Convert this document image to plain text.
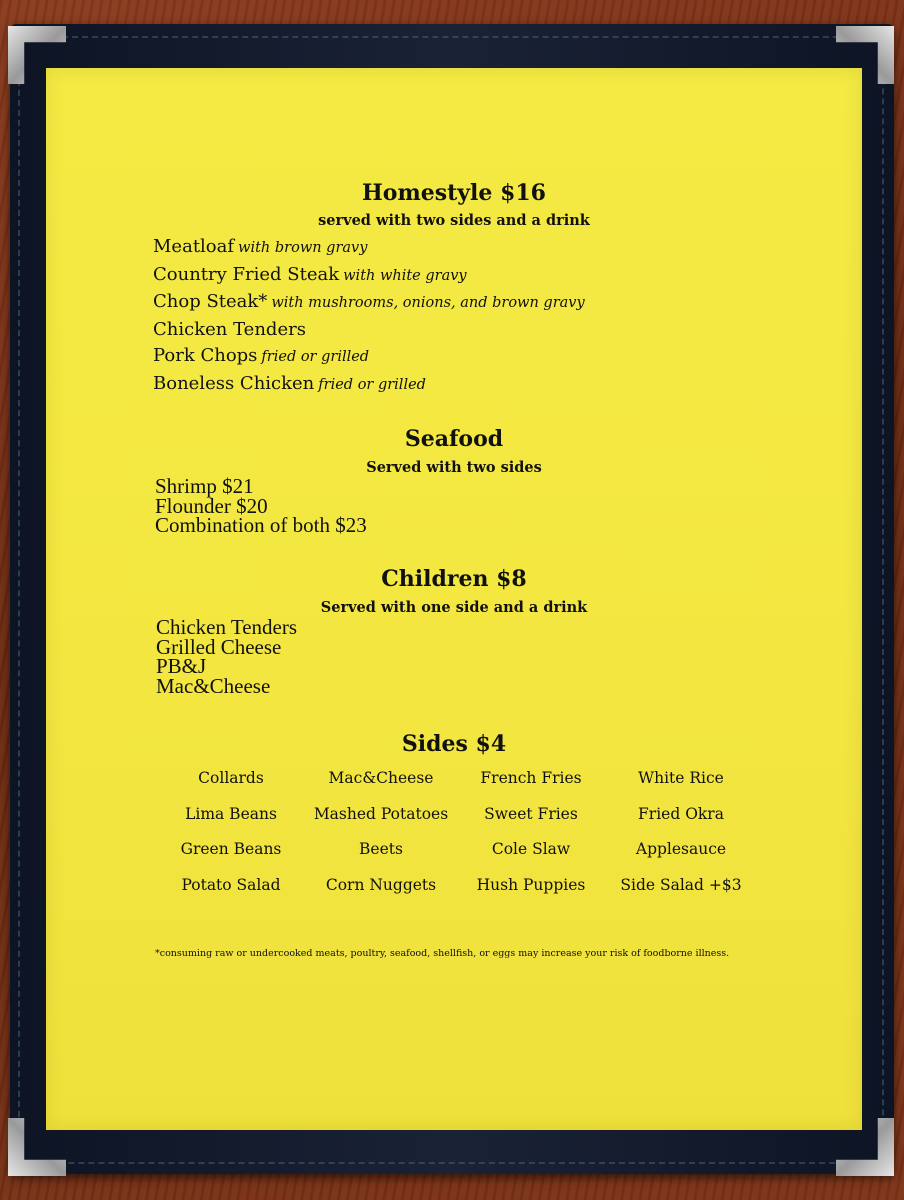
Homestyle $16

served with two sides and a drink

Meatloaf with brown gravy
Country Fried Steak with white gravy
Chop Steak* with mushrooms, onions, and brown gravy
Chicken Tenders
Pork Chops fried or grilled
Boneless Chicken fried or grilled
Seafood

Served with two sides

Shrimp $21
Flounder $20
Combination of both $23
Children $8

Served with one side and a drink

Chicken Tenders
Grilled Cheese
PB&J
Mac&Cheese
Sides $4
Collards	Mac&Cheese	French Fries	White Rice
Lima Beans	Mashed Potatoes	Sweet Fries	Fried Okra
Green Beans	Beets	Cole Slaw	Applesauce
Potato Salad	Corn Nuggets	Hush Puppies	Side Salad +$3

*consuming raw or undercooked meats, poultry, seafood, shellfish, or eggs may increase your risk of foodborne illness.
